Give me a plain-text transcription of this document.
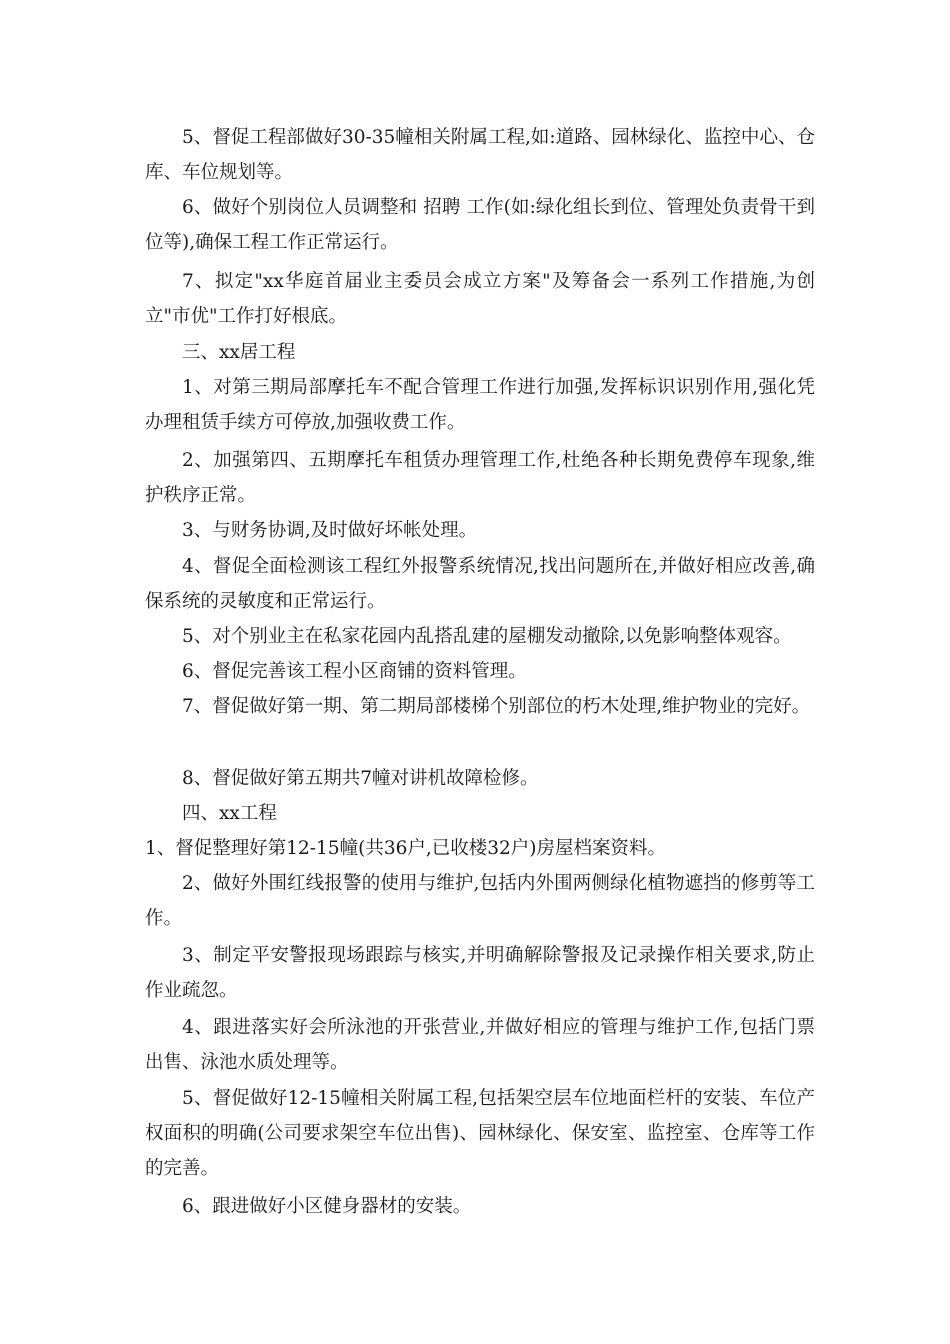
5、督促工程部做好30-35幢相关附属工程,如:道路、园林绿化、监控中心、仓库、车位规划等。

6、做好个别岗位人员调整和 招聘 工作(如:绿化组长到位、管理处负责骨干到位等),确保工程工作正常运行。

7、拟定"xx华庭首届业主委员会成立方案"及筹备会一系列工作措施,为创立"市优"工作打好根底。

三、xx居工程

1、对第三期局部摩托车不配合管理工作进行加强,发挥标识识别作用,强化凭办理租赁手续方可停放,加强收费工作。

2、加强第四、五期摩托车租赁办理管理工作,杜绝各种长期免费停车现象,维护秩序正常。

3、与财务协调,及时做好坏帐处理。

4、督促全面检测该工程红外报警系统情况,找出问题所在,并做好相应改善,确保系统的灵敏度和正常运行。

5、对个别业主在私家花园内乱搭乱建的屋棚发动撤除,以免影响整体观容。

6、督促完善该工程小区商铺的资料管理。

7、督促做好第一期、第二期局部楼梯个别部位的朽木处理,维护物业的完好。

8、督促做好第五期共7幢对讲机故障检修。

四、xx工程

1、督促整理好第12-15幢(共36户,已收楼32户)房屋档案资料。

2、做好外围红线报警的使用与维护,包括内外围两侧绿化植物遮挡的修剪等工作。

3、制定平安警报现场跟踪与核实,并明确解除警报及记录操作相关要求,防止作业疏忽。

4、跟进落实好会所泳池的开张营业,并做好相应的管理与维护工作,包括门票出售、泳池水质处理等。

5、督促做好12-15幢相关附属工程,包括架空层车位地面栏杆的安装、车位产权面积的明确(公司要求架空车位出售)、园林绿化、保安室、监控室、仓库等工作的完善。

6、跟进做好小区健身器材的安装。
